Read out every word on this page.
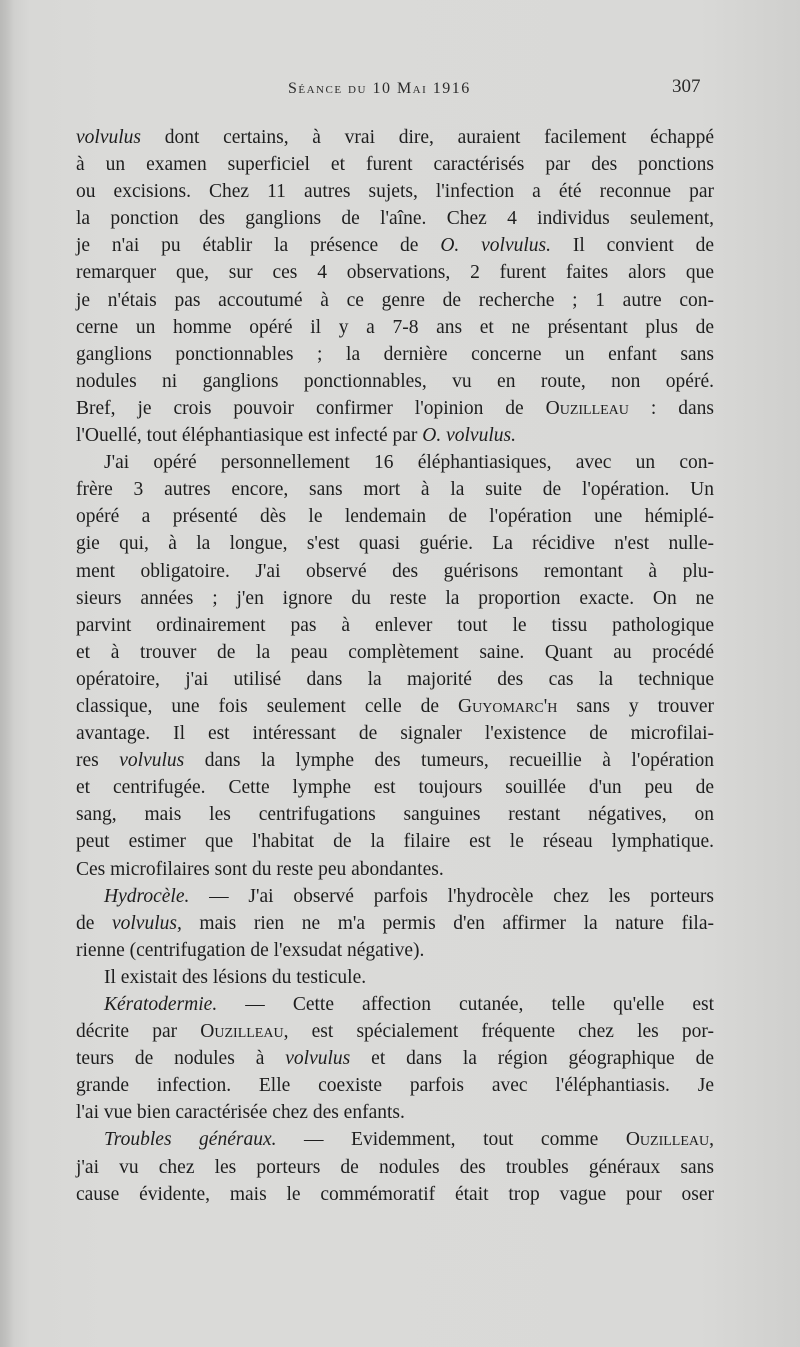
Séance du 10 Mai 1916	307
volvulus dont certains, à vrai dire, auraient facilement échappé
à un examen superficiel et furent caractérisés par des ponctions
ou excisions. Chez 11 autres sujets, l'infection a été reconnue par
la ponction des ganglions de l'aîne. Chez 4 individus seulement,
je n'ai pu établir la présence de O. volvulus. Il convient de
remarquer que, sur ces 4 observations, 2 furent faites alors que
je n'étais pas accoutumé à ce genre de recherche ; 1 autre con-
cerne un homme opéré il y a 7-8 ans et ne présentant plus de
ganglions ponctionnables ; la dernière concerne un enfant sans
nodules ni ganglions ponctionnables, vu en route, non opéré.
Bref, je crois pouvoir confirmer l'opinion de Ouzilleau : dans
l'Ouellé, tout éléphantiasique est infecté par O. volvulus.
J'ai opéré personnellement 16 éléphantiasiques, avec un con-
frère 3 autres encore, sans mort à la suite de l'opération. Un
opéré a présenté dès le lendemain de l'opération une hémiplé-
gie qui, à la longue, s'est quasi guérie. La récidive n'est nulle-
ment obligatoire. J'ai observé des guérisons remontant à plu-
sieurs années ; j'en ignore du reste la proportion exacte. On ne
parvint ordinairement pas à enlever tout le tissu pathologique
et à trouver de la peau complètement saine. Quant au procédé
opératoire, j'ai utilisé dans la majorité des cas la technique
classique, une fois seulement celle de Guyomarc'h sans y trouver
avantage. Il est intéressant de signaler l'existence de microfilai-
res volvulus dans la lymphe des tumeurs, recueillie à l'opération
et centrifugée. Cette lymphe est toujours souillée d'un peu de
sang, mais les centrifugations sanguines restant négatives, on
peut estimer que l'habitat de la filaire est le réseau lymphatique.
Ces microfilaires sont du reste peu abondantes.
Hydrocèle. — J'ai observé parfois l'hydrocèle chez les porteurs
de volvulus, mais rien ne m'a permis d'en affirmer la nature fila-
rienne (centrifugation de l'exsudat négative).
Il existait des lésions du testicule.
Kératodermie. — Cette affection cutanée, telle qu'elle est
décrite par Ouzilleau, est spécialement fréquente chez les por-
teurs de nodules à volvulus et dans la région géographique de
grande infection. Elle coexiste parfois avec l'éléphantiasis. Je
l'ai vue bien caractérisée chez des enfants.
Troubles généraux. — Evidemment, tout comme Ouzilleau,
j'ai vu chez les porteurs de nodules des troubles généraux sans
cause évidente, mais le commémoratif était trop vague pour oser
